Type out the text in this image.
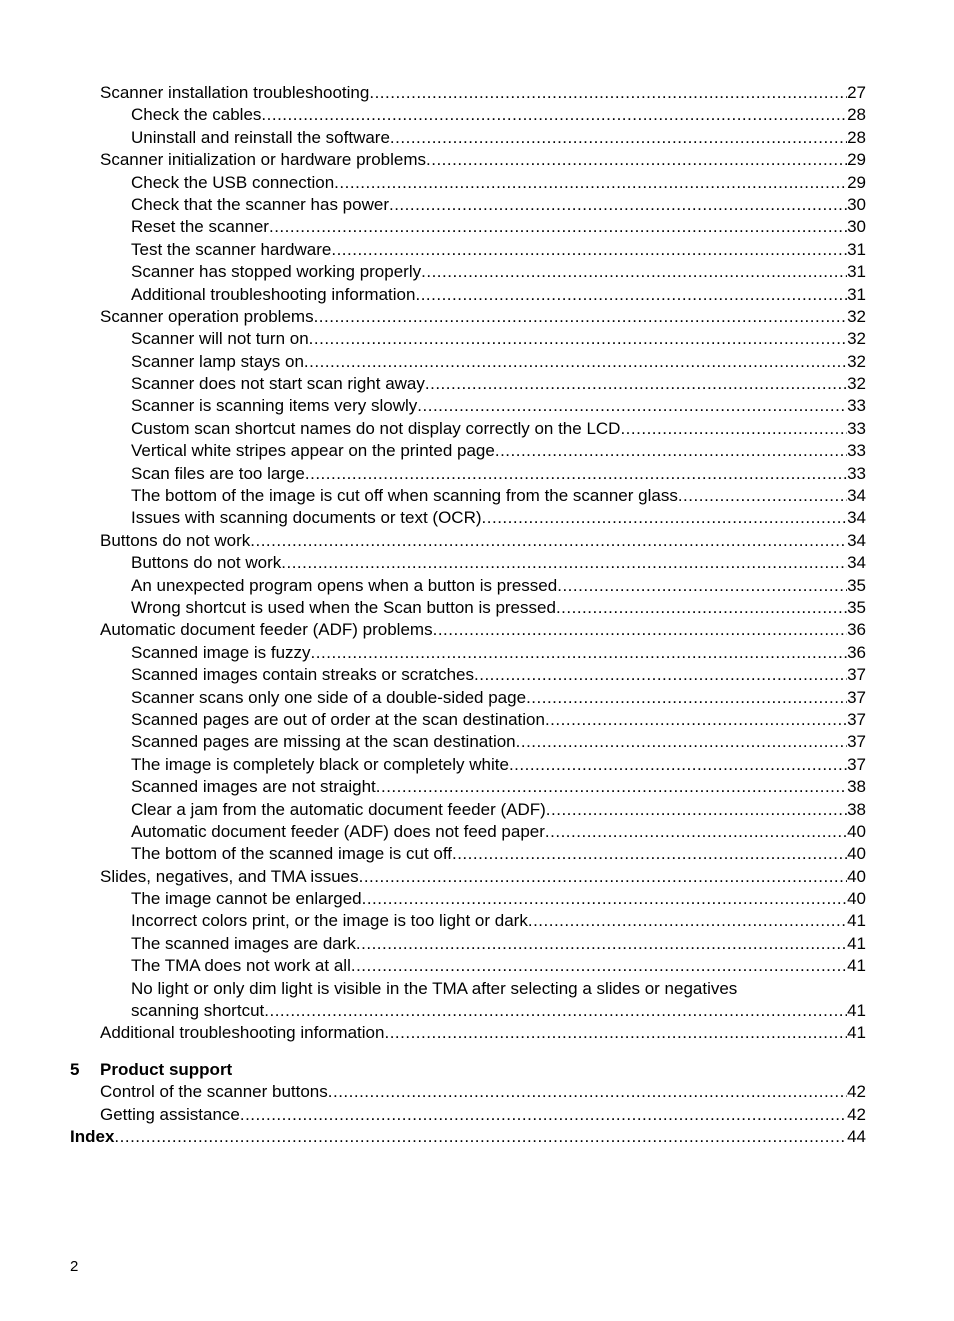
Scanner installation troubleshooting .....	27
Check the cables .....	28
Uninstall and reinstall the software .....	28
Scanner initialization or hardware problems .....	29
Check the USB connection .....	29
Check that the scanner has power .....	30
Reset the scanner .....	30
Test the scanner hardware .....	31
Scanner has stopped working properly .....	31
Additional troubleshooting information .....	31
Scanner operation problems .....	32
Scanner will not turn on .....	32
Scanner lamp stays on .....	32
Scanner does not start scan right away .....	32
Scanner is scanning items very slowly .....	33
Custom scan shortcut names do not display correctly on the LCD .....	33
Vertical white stripes appear on the printed page .....	33
Scan files are too large .....	33
The bottom of the image is cut off when scanning from the scanner glass .....	34
Issues with scanning documents or text (OCR) .....	34
Buttons do not work .....	34
Buttons do not work .....	34
An unexpected program opens when a button is pressed .....	35
Wrong shortcut is used when the Scan button is pressed .....	35
Automatic document feeder (ADF) problems .....	36
Scanned image is fuzzy .....	36
Scanned images contain streaks or scratches .....	37
Scanner scans only one side of a double-sided page .....	37
Scanned pages are out of order at the scan destination .....	37
Scanned pages are missing at the scan destination .....	37
The image is completely black or completely white .....	37
Scanned images are not straight .....	38
Clear a jam from the automatic document feeder (ADF) .....	38
Automatic document feeder (ADF) does not feed paper .....	40
The bottom of the scanned image is cut off .....	40
Slides, negatives, and TMA issues .....	40
The image cannot be enlarged .....	40
Incorrect colors print, or the image is too light or dark .....	41
The scanned images are dark .....	41
The TMA does not work at all .....	41
No light or only dim light is visible in the TMA after selecting a slides or negatives
scanning shortcut .....	41
Additional troubleshooting information .....	41
5	Product support
Control of the scanner buttons .....	42
Getting assistance .....	42
Index .....	44
2
